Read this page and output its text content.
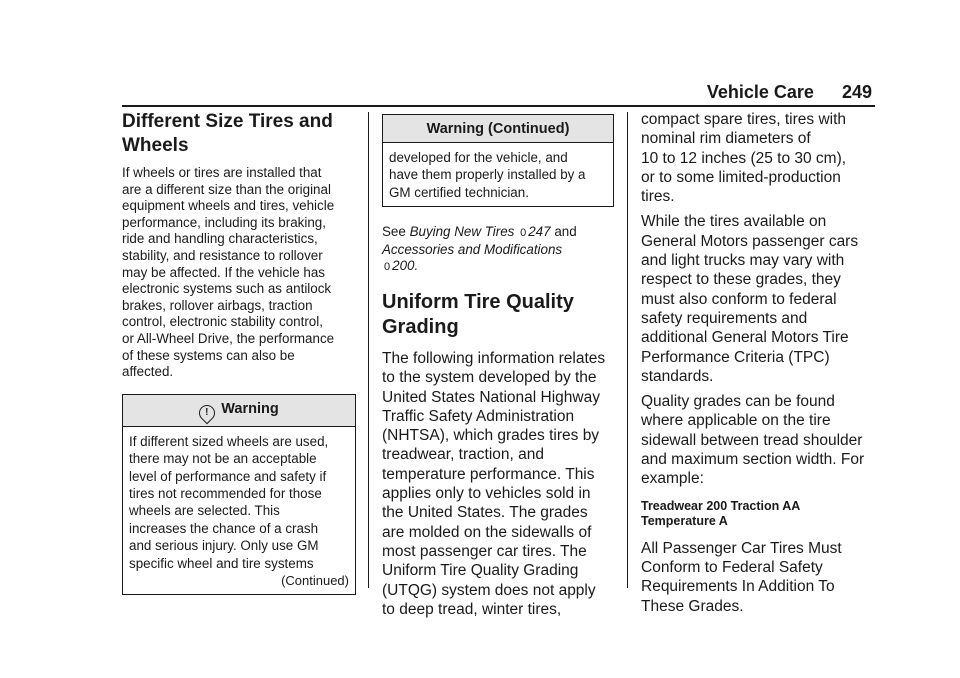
Vehicle Care 249
Different Size Tires and
Wheels

If wheels or tires are installed that
are a different size than the original
equipment wheels and tires, vehicle
performance, including its braking,
ride and handling characteristics,
stability, and resistance to rollover
may be affected. If the vehicle has
electronic systems such as antilock
brakes, rollover airbags, traction
control, electronic stability control,
or All-Wheel Drive, the performance
of these systems can also be
affected.

! Warning
If different sized wheels are used,
there may not be an acceptable
level of performance and safety if
tires not recommended for those
wheels are selected. This
increases the chance of a crash
and serious injury. Only use GM
specific wheel and tire systems
(Continued)
Warning (Continued)
developed for the vehicle, and
have them properly installed by a
GM certified technician.

See Buying New Tires 0 247 and
Accessories and Modifications
0 200.

Uniform Tire Quality
Grading

The following information relates
to the system developed by the
United States National Highway
Traffic Safety Administration
(NHTSA), which grades tires by
treadwear, traction, and
temperature performance. This
applies only to vehicles sold in
the United States. The grades
are molded on the sidewalls of
most passenger car tires. The
Uniform Tire Quality Grading
(UTQG) system does not apply
to deep tread, winter tires,

compact spare tires, tires with
nominal rim diameters of
10 to 12 inches (25 to 30 cm),
or to some limited-production
tires.

While the tires available on
General Motors passenger cars
and light trucks may vary with
respect to these grades, they
must also conform to federal
safety requirements and
additional General Motors Tire
Performance Criteria (TPC)
standards.

Quality grades can be found
where applicable on the tire
sidewall between tread shoulder
and maximum section width. For
example:

Treadwear 200 Traction AA
Temperature A

All Passenger Car Tires Must
Conform to Federal Safety
Requirements In Addition To
These Grades.
